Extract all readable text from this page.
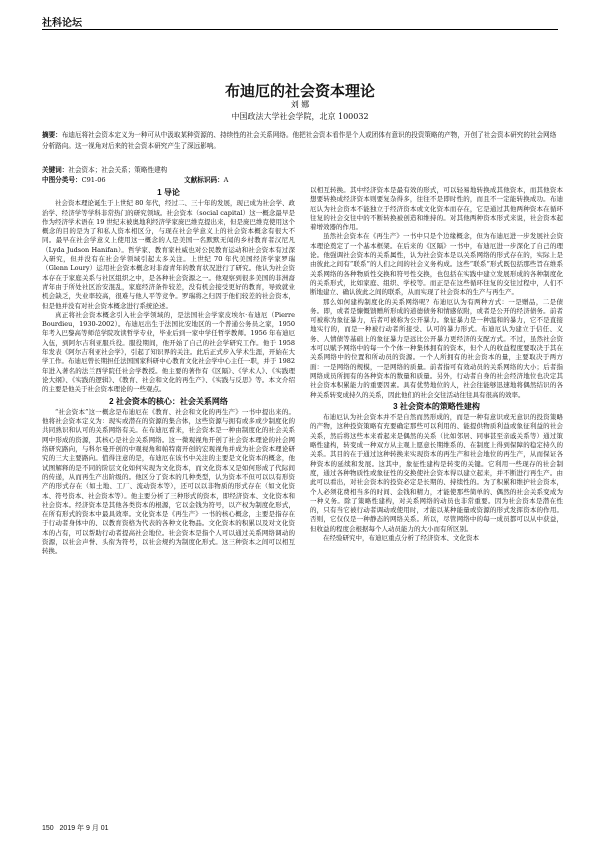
社科论坛
布迪厄的社会资本理论
刘 娜
中国政法大学社会学院，北京 100032
摘要：布迪厄将社会资本定义为一种可从中汲取某种资源的、持续性的社会关系网络。他把社会资本看作是个人或团体有意识的投资策略的产物，开创了社会资本研究的社会网络分析路向。这一视角对后来的社会资本研究产生了深远影响。
关键词：社会资本；社会关系；策略性建构
中图分类号：C91-06	文献标识码：A
1 导论

社会资本理论诞生于上世纪 80 年代，经过二、三十年的发展，现已成为社会学、政治学、经济学等学科非常热门的研究领域。社会资本（social capital）这一概念最早是作为经济学术语在 19 世纪末被奥地利经济学家庞巴维克提出来，但是庞巴维克使用这个概念的目的是为了和私人资本相区分，与现在社会学意义上的社会资本概念有很大不同。最早在社会学意义上使用这一概念的人是美国一名默默无闻的乡村教育者汉尼凡（Lyda Judson Hanifan）。哲学家、教育家杜威也对公民教育运动和社会资本有过深入研究，但并没有在社会学领域引起太多关注。上世纪 70 年代美国经济学家罗瑞（Glenn Loury）运用社会资本概念对非裔青年的教育状况进行了研究。他认为社会资本存在于家庭关系与社区组织之中，是各种社会资源之一。他观察到很多美国的非洲裔青年由于所处社区治安混乱，家庭经济条件较差，没有机会接受更好的教育，导致就业机会缺乏，失业率较高，很难与他人平等竞争。罗瑞将之归因于他们较差的社会资本，但是他并没有对社会资本概念进行系统论述。

真正将社会资本概念引入社会学领域的，是法国社会学家皮埃尔·布迪厄（Pierre Bourdieu，1930-2002）。布迪厄出生于法国比安地区的一个普通公务员之家，1950 年考入巴黎高等师范学院攻读哲学专业，毕业后到一家中学任哲学教师。1956 年布迪厄入伍，到阿尔吉利亚服兵役。服役期间，他开始了自己的社会学研究工作。他于 1958 年发表《阿尔吉利亚社会学》，引起了知识界的关注。此后正式步入学术生涯，开始在大学工作。布迪厄曾长期担任法国国家科研中心教育文化社会学中心主任一职，并于 1982 年进入著名的法兰西学院任社会学教授。他主要的著作有《区隔》、《学术人》、《实践理论大纲》、《实践的逻辑》、《教育、社会和文化的再生产》、《实践与反思》等。本文介绍的主要是他关于社会资本理论的一些观点。

2 社会资本的核心：社会关系网络

“社会资本”这一概念是布迪厄在《教育、社会和文化的再生产》一书中提出来的。他将社会资本定义为：现实或潜在的资源的集合体，这些资源与拥有或多或少制度化的共同熟识和认可的关系网络有关。在布迪厄看来，社会资本是一种由制度化的社会关系网中形成的资源，其核心是社会关系网络。这一微观视角开创了社会资本理论的社会网络研究路向，与科尔曼开创的中观视角和帕特南开创的宏观视角并成为社会资本理论研究的三大主要路向。值得注意的是，布迪厄在该书中关注的主要是文化资本的概念，他试图解释的是不同的阶层文化如何实现为文化资本，而文化资本又是如何形成了代际间的传递，从而再生产出阶级的。他区分了资本的几种类型，认为资本不但可以以有形资产的形式存在（如土地、工厂、流动资本等），还可以以非物质的形式存在（如文化资本、符号资本、社会资本等）。他主要分析了三种形式的资本，即经济资本、文化资本和社会资本。经济资本是其他各类资本的根源，它以金钱为符号，以产权为制度化形式，在所有形式的资本中最具效率。文化资本是《再生产》一书的核心概念，主要是指存在于行动者身体中的、以教育资格为代表的各种文化物品。文化资本的积累以及对文化资本的占有，可以帮助行动者提高社会地位。社会资本是指个人可以通过关系网络调动的资源，以社会声誉、头衔为符号，以社会规约为制度化形式。这三种资本之间可以相互转换。

以相互转换。其中经济资本是最有效的形式，可以轻易地转换成其他资本，而其他资本想要转换成经济资本则要复杂得多，往往不是即时性的，而且不一定能转换成功。布迪厄认为社会资本不能独立于经济资本或文化资本而存在，它是通过其他两种资本在循环往复的社会交往中的不断转换被创造和维持的。对其他两种资本形式来说，社会资本起着增效器的作用。

虽然社会资本在《再生产》一书中只是个边缘概念，但为布迪厄进一步发展社会资本理论奠定了一个基本框架。在后来的《区隔》一书中，布迪厄进一步深化了自己的理论。他强调社会资本的关系属性，认为社会资本是以关系网络的形式存在的，实际上是由彼此之间有“联系”的人们之间的社会义务构成。这些“联系”形式既包括那些旨在维系关系网络的各种物质性交换和符号性交换，也包括在实践中建立发展形成的各种制度化的关系形式，比如家庭、组织、学校等。而正是在这些循环往复的交往过程中，人们不断地建立、确认彼此之间的联系，从而实现了社会资本的生产与再生产。

那么如何建构制度化的关系网络呢？布迪厄认为有两种方式：一是赠品，二是债务。即，或者是慷慨馈赠所形成的道德债务和情感依附，或者是公开的经济债务。前者可被称为象征暴力，后者可被称为公开暴力。象征暴力是一种温和的暴力，它不是直接地实行的，而是一种被行动者所接受、认可的暴力形式。布迪厄认为建立于信任、义务、人情债等基础上的象征暴力是远比公开暴力更经济的支配方式。不过，虽然社会资本可以赋予网络中的每一个个体一种集体拥有的资本，但个人的收益程度要取决于其在关系网络中的位置和所动员的资源。一个人所拥有的社会资本的量，主要取决于两方面：一是网络的规模，一是网络的质量。前者指可有效动员的关系网络的大小；后者指网络成员所拥有的各种资本的数量和质量。另外，行动者自身的社会经济地位也决定其社会资本积累能力的重要因素。具有优势地位的人，社会往能够迅速地将偶然结识的各种关系转变成持久的关系，因此他们的社会交往活动往往具有很高的效率。

3 社会资本的策略性建构

布迪厄认为社会资本并不是自然而然形成的，而是一种有意识或无意识的投资策略的产物，这种投资策略有充要确定那些可以利用的、能提供物质利益或象征利益的社会关系，然后将这些本来看起来是偶然的关系（比如邻居、同事甚至亲戚关系等）通过策略性建构，转变成一种双方从主观上愿意长期维系的、在制度上得到保障的稳定持久的关系。其目的在于通过这种转换来实现资本的再生产和社会地位的再生产，从而保证各种资本的延续和发展。这其中，象征性建构是转变的关键。它利用一些现存的社会制度，通过各种物质性或象征性的交换使社会资本得以建立起来，并不断进行再生产。由此可以看出，对社会资本的投资必定是长期的、持续性的。为了积累和维护社会资本，个人必须花费相当多的时间、金钱和精力，才能使那些简单的、偶然的社会关系变成为一种义务。除了策略性建构，对关系网络的动员也非常重要。因为社会资本是潜在性的，只有当它被行动者调动或使用时，才能以某种能量或资源的形式发挥资本的作用。否则，它仅仅是一种静态的网络关系。所以，尽管网络中的每一成员都可以从中获益，但收益的程度会根据每个人动员能力的大小而有所区别。

在经验研究中，布迪厄重点分析了经济资本、文化资本

150 2019 年 9 月 01
